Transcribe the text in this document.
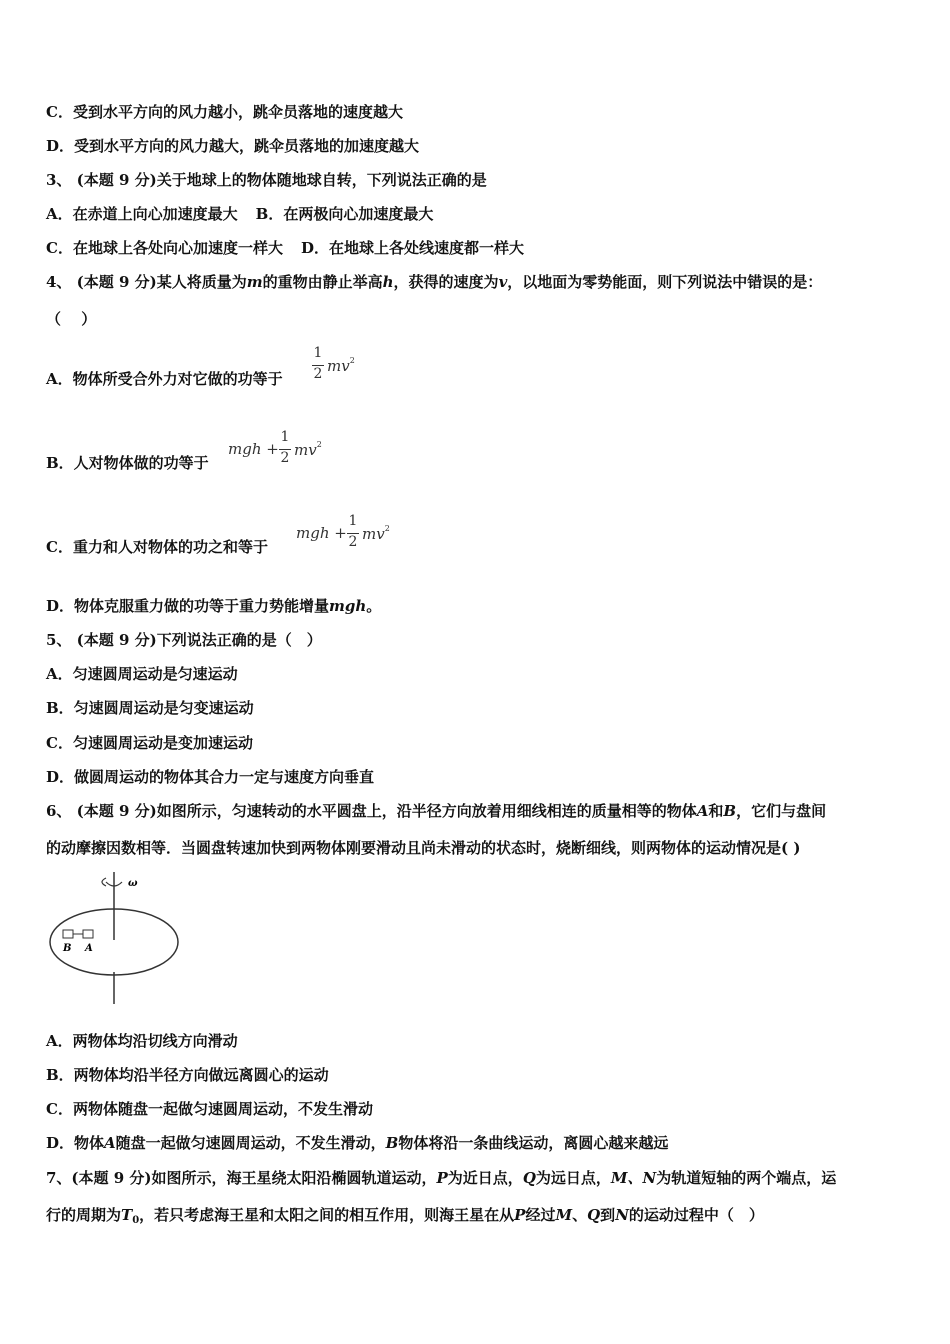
C．受到水平方向的风力越小，跳伞员落地的速度越大
D．受到水平方向的风力越大，跳伞员落地的加速度越大
3、 (本题 9 分)关于地球上的物体随地球自转，下列说法正确的是
A．在赤道上向心加速度最大 B．在两极向心加速度最大
C．在地球上各处向心加速度一样大 D．在地球上各处线速度都一样大
4、 (本题 9 分)某人将质量为m的重物由静止举高h，获得的速度为v，以地面为零势能面，则下列说法中错误的是：
（　 ）
A．物体所受合外力对它做的功等于
1
2 $mv^2$
B．人对物体做的功等于
mgh +
1
2 $mv^2$
C．重力和人对物体的功之和等于
mgh +
1
2 $mv^2$
D．物体克服重力做的功等于重力势能增量mgh。
5、 (本题 9 分)下列说法正确的是（　）
A．匀速圆周运动是匀速运动
B．匀速圆周运动是匀变速运动
C．匀速圆周运动是变加速运动
D．做圆周运动的物体其合力一定与速度方向垂直
6、 (本题 9 分)如图所示，匀速转动的水平圆盘上，沿半径方向放着用细线相连的质量相等的物体A和B，它们与盘间
的动摩擦因数相等．当圆盘转速加快到两物体刚要滑动且尚未滑动的状态时，烧断细线，则两物体的运动情况是( )
ω
B A
A．两物体均沿切线方向滑动
B．两物体均沿半径方向做远离圆心的运动
C．两物体随盘一起做匀速圆周运动，不发生滑动
D．物体A随盘一起做匀速圆周运动，不发生滑动，B物体将沿一条曲线运动，离圆心越来越远
7、(本题 9 分)如图所示，海王星绕太阳沿椭圆轨道运动，P为近日点，Q为远日点，M、N为轨道短轴的两个端点，运
行的周期为$T_0$，若只考虑海王星和太阳之间的相互作用，则海王星在从P经过M、Q到N的运动过程中（　）
